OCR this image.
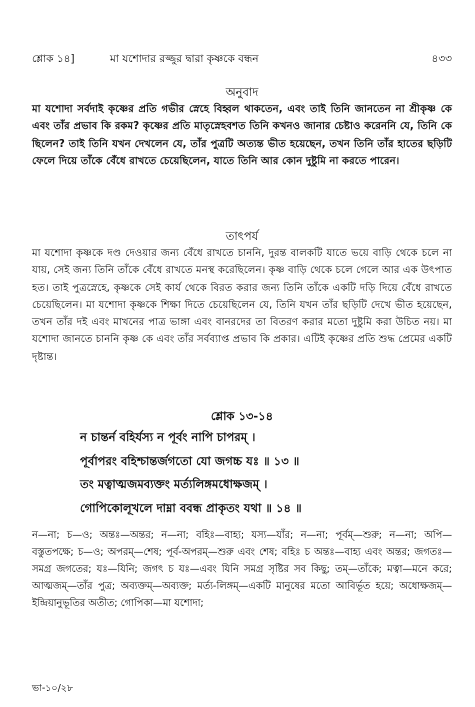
শ্লোক ১৪]	মা যশোদার রজ্জুর দ্বারা কৃষ্ণকে বন্ধন	৪৩৩
অনুবাদ

মা যশোদা সর্বদাই কৃষ্ণের প্রতি গভীর স্নেহে বিহ্বল থাকতেন, এবং তাই তিনি জানতেন না শ্রীকৃষ্ণ কে এবং তাঁর প্রভাব কি রকম? কৃষ্ণের প্রতি মাতৃস্নেহবশত তিনি কখনও জানার চেষ্টাও করেননি যে, তিনি কে ছিলেন? তাই তিনি যখন দেখলেন যে, তাঁর পুত্রটি অত্যন্ত ভীত হয়েছেন, তখন তিনি তাঁর হাতের ছড়িটি ফেলে দিয়ে তাঁকে বেঁধে রাখতে চেয়েছিলেন, যাতে তিনি আর কোন দুষ্টুমি না করতে পারেন।

তাৎপর্য

মা যশোদা কৃষ্ণকে দণ্ড দেওয়ার জন্য বেঁধে রাখতে চাননি, দুরন্ত বালকটি যাতে ভয়ে বাড়ি থেকে চলে না যায়, সেই জন্য তিনি তাঁকে বেঁধে রাখতে মনস্থ করেছিলেন। কৃষ্ণ বাড়ি থেকে চলে গেলে আর এক উৎপাত হত। তাই পুত্রস্নেহে, কৃষ্ণকে সেই কার্য থেকে বিরত করার জন্য তিনি তাঁকে একটি দড়ি দিয়ে বেঁধে রাখতে চেয়েছিলেন। মা যশোদা কৃষ্ণকে শিক্ষা দিতে চেয়েছিলেন যে, তিনি যখন তাঁর ছড়িটি দেখে ভীত হয়েছেন, তখন তাঁর দই এবং মাখনের পাত্র ভাঙ্গা এবং বানরদের তা বিতরণ করার মতো দুষ্টুমি করা উচিত নয়। মা যশোদা জানতে চাননি কৃষ্ণ কে এবং তাঁর সর্বব্যাপ্ত প্রভাব কি প্রকার। এটিই কৃষ্ণের প্রতি শুদ্ধ প্রেমের একটি দৃষ্টান্ত।

শ্লোক ১৩-১৪

ন চান্তর্ন বহির্যস্য ন পূর্বং নাপি চাপরম্ ।
পূর্বাপরং বহিশ্চান্তর্জগতো যো জগচ্চ যঃ ॥ ১৩ ॥
তং মত্বাত্মজমব্যক্তং মর্ত্যলিঙ্গমধোক্ষজম্ ।
গোপিকোলূখলে দাম্না ববন্ধ প্রাকৃতং যথা ॥ ১৪ ॥

ন—না; চ—ও; অন্তঃ—অন্তর; ন—না; বহিঃ—বাহ্য; যস্য—যাঁর; ন—না; পূর্বম্—শুরু; ন—না; অপি—বস্তুতপক্ষে; চ—ও; অপরম্—শেষ; পূর্ব-অপরম্—শুরু এবং শেষ; বহিঃ চ অন্তঃ—বাহ্য এবং অন্তর; জগতঃ—সমগ্র জগতের; যঃ—যিনি; জগৎ চ যঃ—এবং যিনি সমগ্র সৃষ্টির সব কিছু; তম্—তাঁকে; মত্বা—মনে করে; আত্মজম্—তাঁর পুত্র; অব্যক্তম্—অব্যক্ত; মর্ত্য-লিঙ্গম্—একটি মানুষের মতো আবির্ভূত হয়ে; অধোক্ষজম্—ইন্দ্রিয়ানুভূতির অতীত; গোপিকা—মা যশোদা;

ভা-১০/২৮
